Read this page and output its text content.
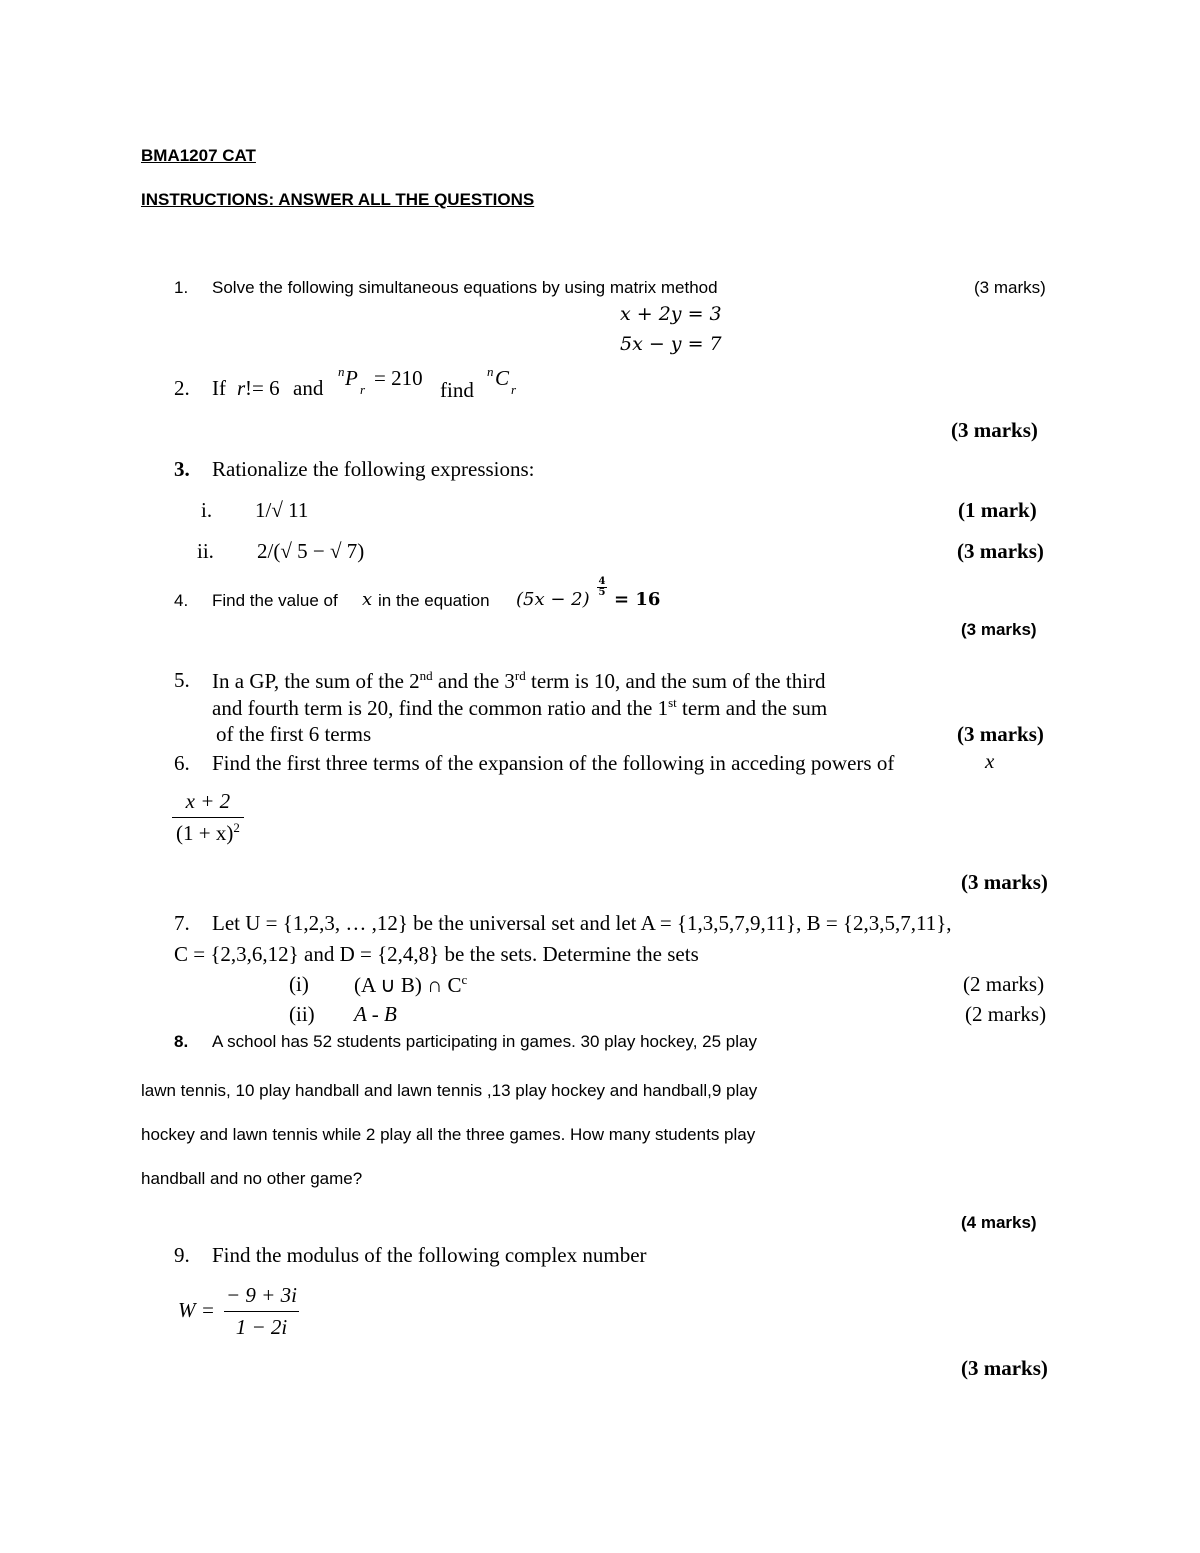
BMA1207 CAT
INSTRUCTIONS: ANSWER ALL THE QUESTIONS
1. Solve the following simultaneous equations by using matrix method	(3 marks)
x + 2y = 3
5x − y = 7
2. If r != 6 and
n P r = 210 find
n C r
(3 marks)
3. Rationalize the following expressions:
i. 1/√ 11	(1 mark)
ii. 2/(√ 5 − √ 7)	(3 marks)
4. Find the value of x in the equation (5x − 2)
$\frac{4}{5}$
= 16
(3 marks)
5. In a GP, the sum of the 2nd and the 3rd term is 10, and the sum of the third
and fourth term is 20, find the common ratio and the 1st term and the sum
of the first 6 terms	(3 marks)
6. Find the first three terms of the expansion of the following in acceding powers of	x
$\frac{x + 2}{(1 + x)^2}$
(3 marks)
7. Let U = {1,2,3, … ,12} be the universal set and let A = {1,3,5,7,9,11}, B = {2,3,5,7,11},
C = {2,3,6,12} and D = {2,4,8} be the sets. Determine the sets
(i) (A ∪ B) ∩ $C^c$	(2 marks)
(ii) A - B	(2 marks)
8. A school has 52 students participating in games. 30 play hockey, 25 play
lawn tennis, 10 play handball and lawn tennis ,13 play hockey and handball,9 play
hockey and lawn tennis while 2 play all the three games. How many students play
handball and no other game?
(4 marks)
9. Find the modulus of the following complex number
$W = \frac{- 9 + 3i}{1 - 2i}$
(3 marks)
